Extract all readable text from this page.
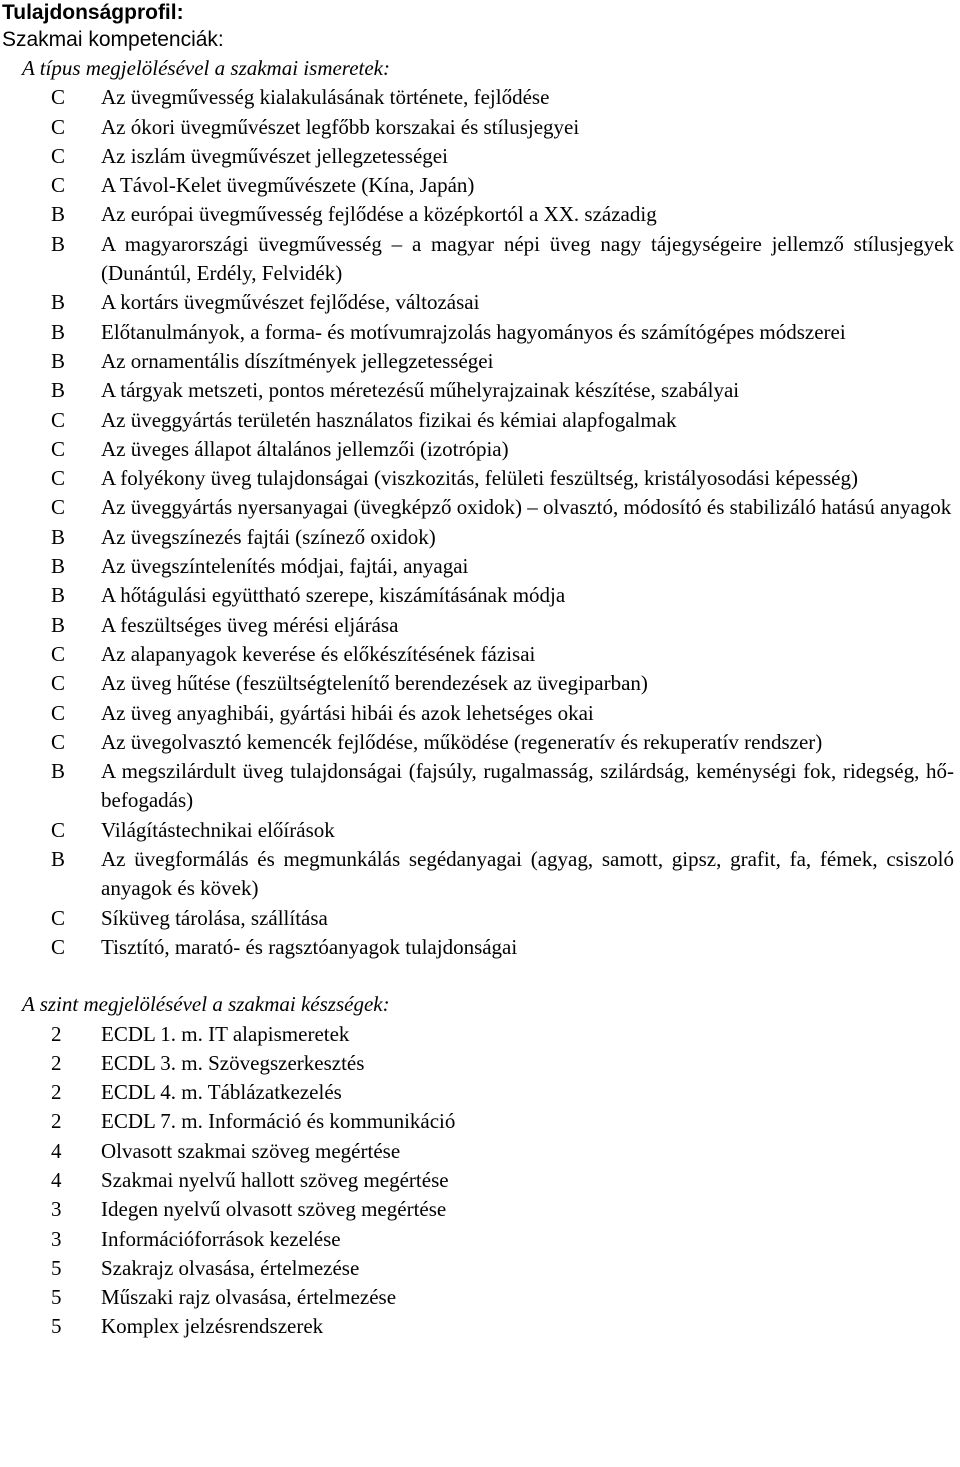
Tulajdonságprofil:
Szakmai kompetenciák:
A típus megjelölésével a szakmai ismeretek:
C	Az üvegművesség kialakulásának története, fejlődése
C	Az ókori üvegművészet legfőbb korszakai és stílusjegyei
C	Az iszlám üvegművészet jellegzetességei
C	A Távol-Kelet üvegművészete (Kína, Japán)
B	Az európai üvegművesség fejlődése a középkortól a XX. századig
B	A magyarországi üvegművesség – a magyar népi üveg nagy tájegységeire jellemző stílusjegyek (Dunántúl, Erdély, Felvidék)
B	A kortárs üvegművészet fejlődése, változásai
B	Előtanulmányok, a forma- és motívumrajzolás hagyományos és számítógépes módszerei
B	Az ornamentális díszítmények jellegzetességei
B	A tárgyak metszeti, pontos méretezésű műhelyrajzainak készítése, szabályai
C	Az üveggyártás területén használatos fizikai és kémiai alapfogalmak
C	Az üveges állapot általános jellemzői (izotrópia)
C	A folyékony üveg tulajdonságai (viszkozitás, felületi feszültség, kristályosodási képesség)
C	Az üveggyártás nyersanyagai (üvegképző oxidok) – olvasztó, módosító és stabilizáló hatású anyagok
B	Az üvegszínezés fajtái (színező oxidok)
B	Az üvegszíntelenítés módjai, fajtái, anyagai
B	A hőtágulási együttható szerepe, kiszámításának módja
B	A feszültséges üveg mérési eljárása
C	Az alapanyagok keverése és előkészítésének fázisai
C	Az üveg hűtése (feszültségtelenítő berendezések az üvegiparban)
C	Az üveg anyaghibái, gyártási hibái és azok lehetséges okai
C	Az üvegolvasztó kemencék fejlődése, működése (regeneratív és rekuperatív rendszer)
B	A megszilárdult üveg tulajdonságai (fajsúly, rugalmasság, szilárdság, keménységi fok, ridegség, hő-befogadás)
C	Világítástechnikai előírások
B	Az üvegformálás és megmunkálás segédanyagai (agyag, samott, gipsz, grafit, fa, fémek, csiszoló anyagok és kövek)
C	Síküveg tárolása, szállítása
C	Tisztító, marató- és ragsztóanyagok tulajdonságai
A szint megjelölésével a szakmai készségek:
2	ECDL 1. m. IT alapismeretek
2	ECDL 3. m. Szövegszerkesztés
2	ECDL 4. m. Táblázatkezelés
2	ECDL 7. m. Információ és kommunikáció
4	Olvasott szakmai szöveg megértése
4	Szakmai nyelvű hallott szöveg megértése
3	Idegen nyelvű olvasott szöveg megértése
3	Információforrások kezelése
5	Szakrajz olvasása, értelmezése
5	Műszaki rajz olvasása, értelmezése
5	Komplex jelzésrendszerek
